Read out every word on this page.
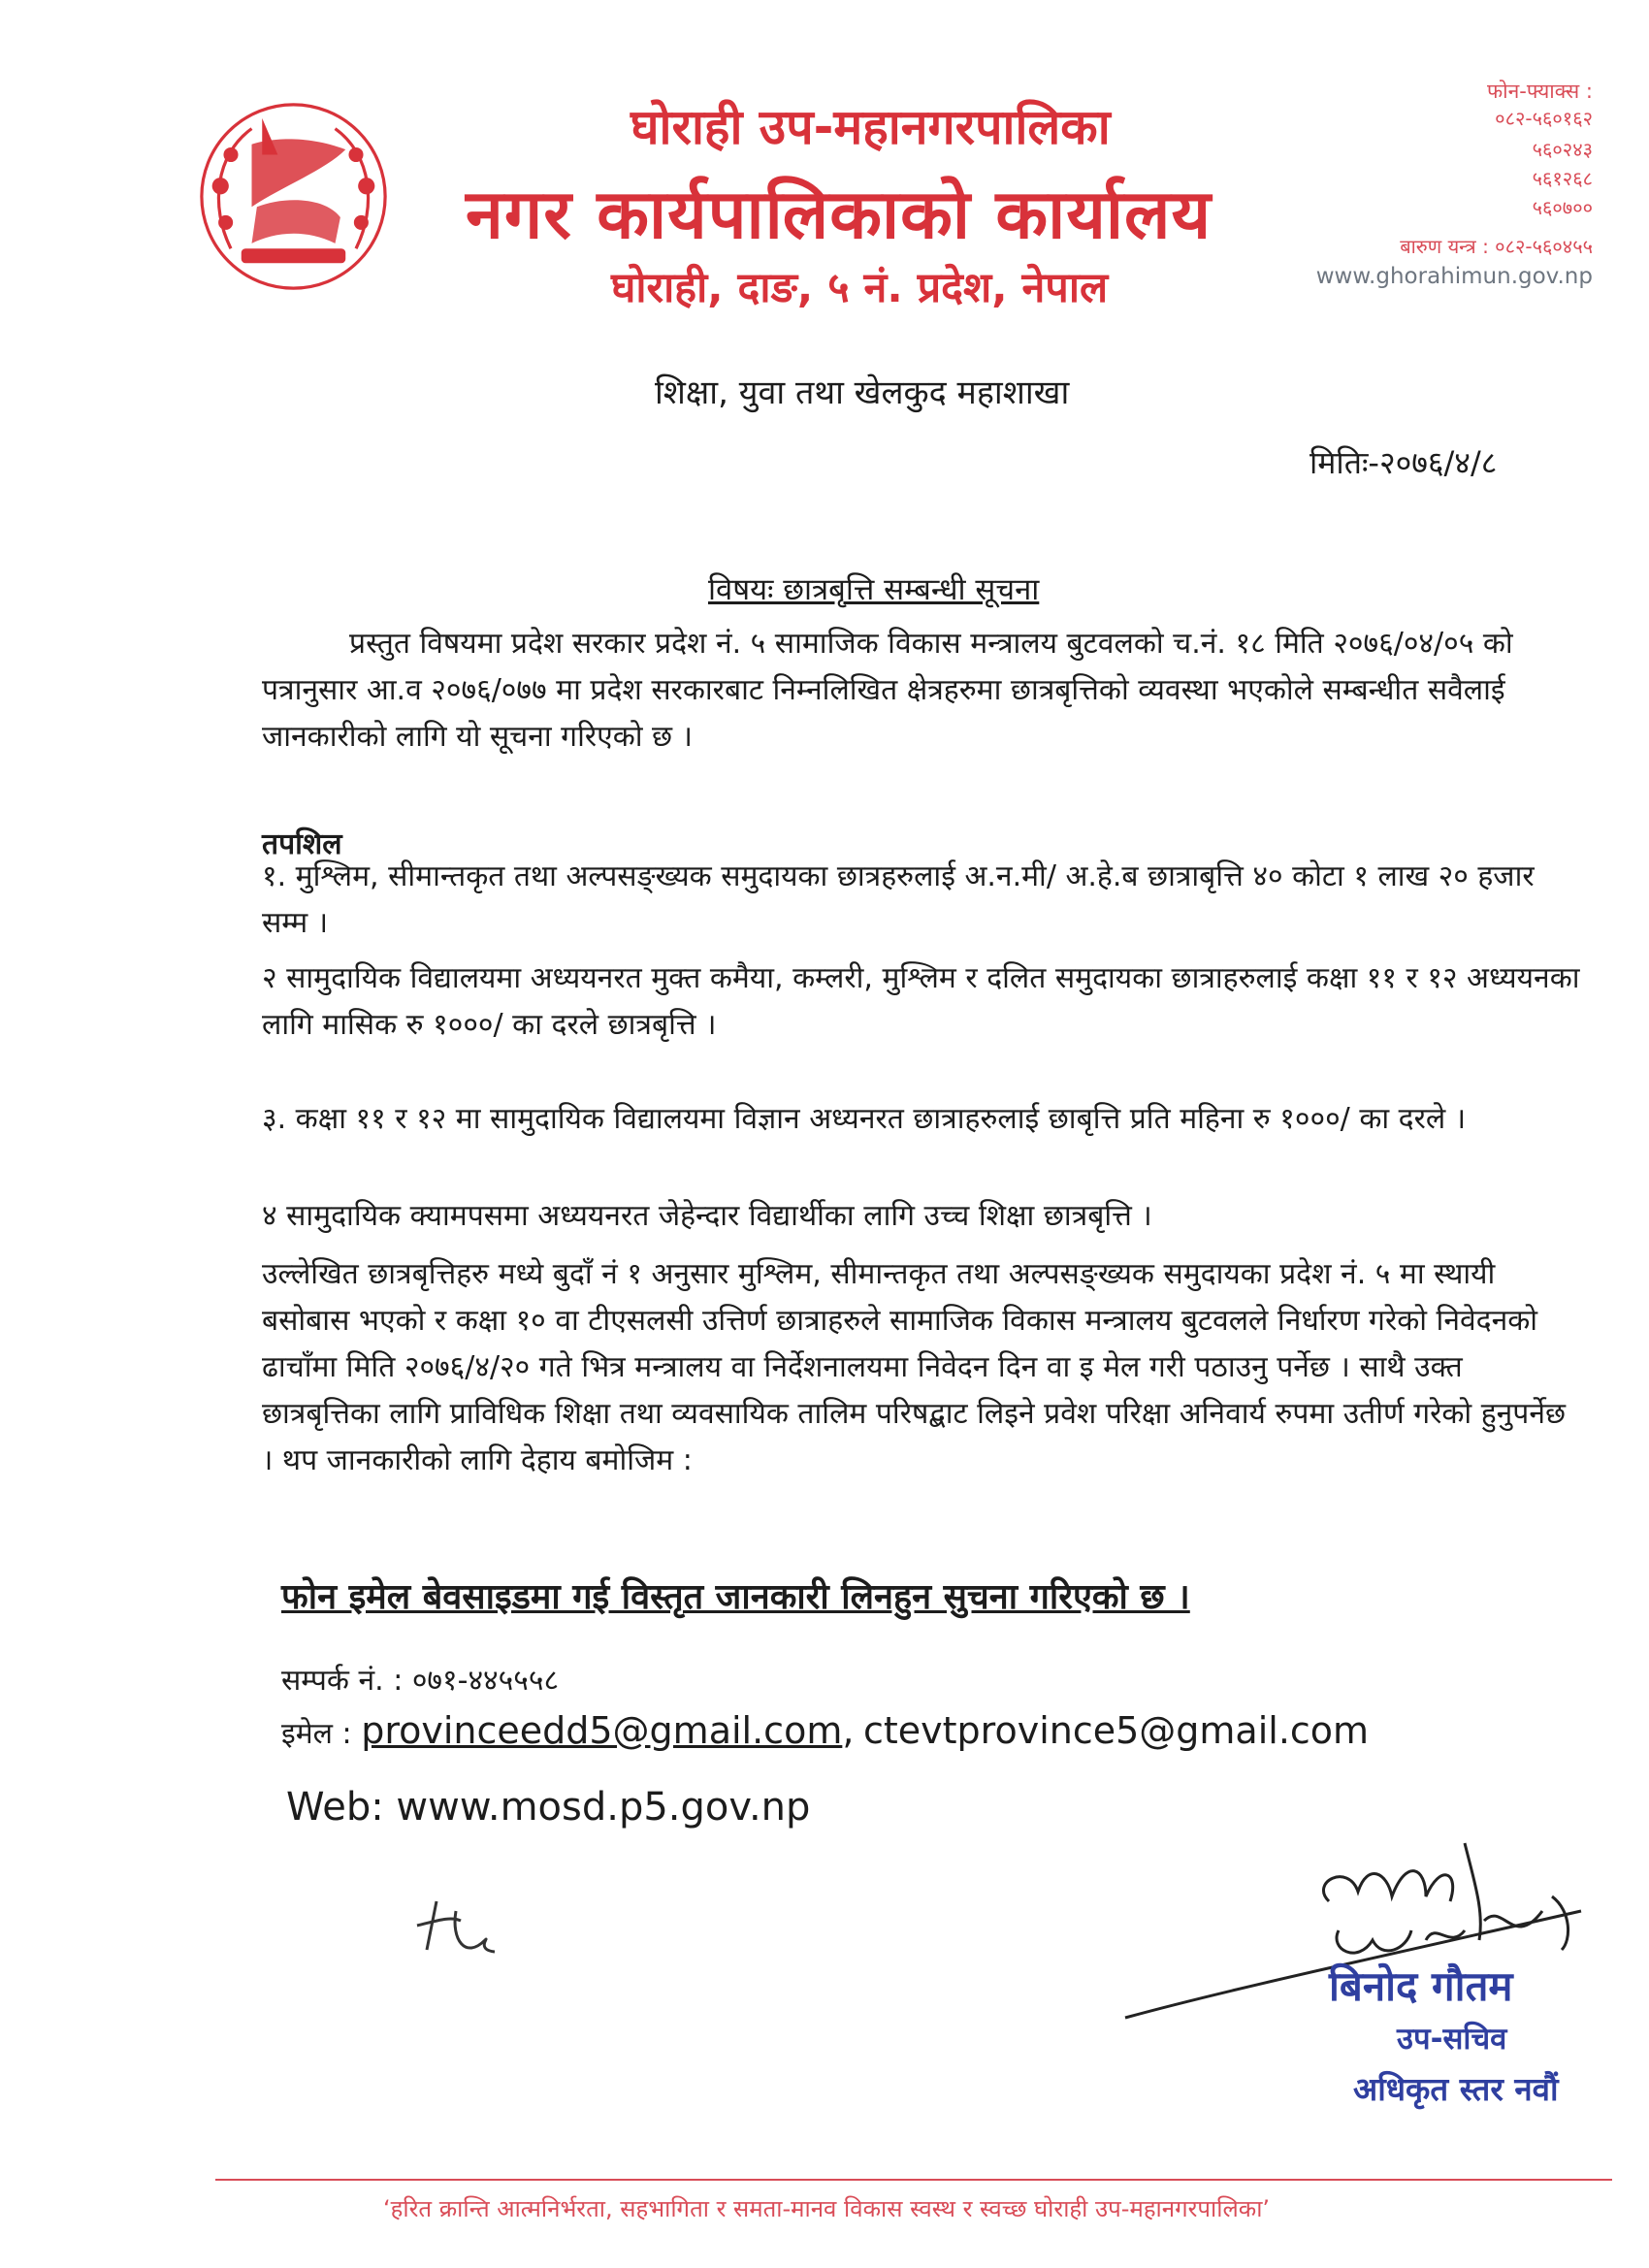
घोराही उप-महानगरपालिका
नगर कार्यपालिकाको कार्यालय
घोराही, दाङ, ५ नं. प्रदेश, नेपाल
फोन-फ्याक्स :
०८२-५६०१६२
५६०२४३
५६१२६८
५६०७००
बारुण यन्त्र : ०८२-५६०४५५
www.ghorahimun.gov.np
शिक्षा, युवा तथा खेलकुद महाशाखा
मितिः-२०७६/४/८
विषयः छात्रबृत्ति सम्बन्धी सूचना
प्रस्तुत विषयमा प्रदेश सरकार प्रदेश नं. ५ सामाजिक विकास मन्त्रालय बुटवलको च.नं. १८ मिति २०७६/०४/०५ को पत्रानुसार आ.व २०७६/०७७ मा प्रदेश सरकारबाट निम्नलिखित क्षेत्रहरुमा छात्रबृत्तिको व्यवस्था भएकोले सम्बन्धीत सवैलाई जानकारीको लागि यो सूचना गरिएको छ ।
तपशिल
१. मुश्लिम, सीमान्तकृत तथा अल्पसङ्ख्यक समुदायका छात्रहरुलाई अ.न.मी/ अ.हे.ब छात्राबृत्ति ४० कोटा १ लाख २० हजार सम्म ।
२ सामुदायिक विद्यालयमा अध्ययनरत मुक्त कमैया, कम्लरी, मुश्लिम र दलित समुदायका छात्राहरुलाई कक्षा ११ र १२ अध्ययनका लागि मासिक रु १०००/ का दरले छात्रबृत्ति ।
३. कक्षा ११ र १२ मा सामुदायिक विद्यालयमा विज्ञान अध्यनरत छात्राहरुलाई छाबृत्ति प्रति महिना रु १०००/ का दरले ।
४ सामुदायिक क्यामपसमा अध्ययनरत जेहेन्दार विद्यार्थीका लागि उच्च शिक्षा छात्रबृत्ति ।
उल्लेखित छात्रबृत्तिहरु मध्ये बुदाँ नं १ अनुसार मुश्लिम, सीमान्तकृत तथा अल्पसङ्ख्यक समुदायका प्रदेश नं. ५ मा स्थायी बसोबास भएको र कक्षा १० वा टीएसलसी उत्तिर्ण छात्राहरुले सामाजिक विकास मन्त्रालय बुटवलले निर्धारण गरेको निवेदनको ढाचाँमा मिति २०७६/४/२० गते भित्र मन्त्रालय वा निर्देशनालयमा निवेदन दिन वा इ मेल गरी पठाउनु पर्नेछ । साथै उक्त छात्रबृत्तिका लागि प्राविधिक शिक्षा तथा व्यवसायिक तालिम परिषद्बाट लिइने प्रवेश परिक्षा अनिवार्य रुपमा उतीर्ण गरेको हुनुपर्नेछ । थप जानकारीको लागि देहाय बमोजिम :
फोन इमेल बेवसाइडमा गई विस्तृत जानकारी लिनहुन सुचना गरिएको छ ।
सम्पर्क नं. : ०७१-४४५५५८
इमेल : provinceedd5@gmail.com, ctevtprovince5@gmail.com
Web: www.mosd.p5.gov.np
बिनोद गौतम
उप-सचिव
अधिकृत स्तर नवौं
‘हरित क्रान्ति आत्मनिर्भरता, सहभागिता र समता-मानव विकास स्वस्थ र स्वच्छ घोराही उप-महानगरपालिका’
